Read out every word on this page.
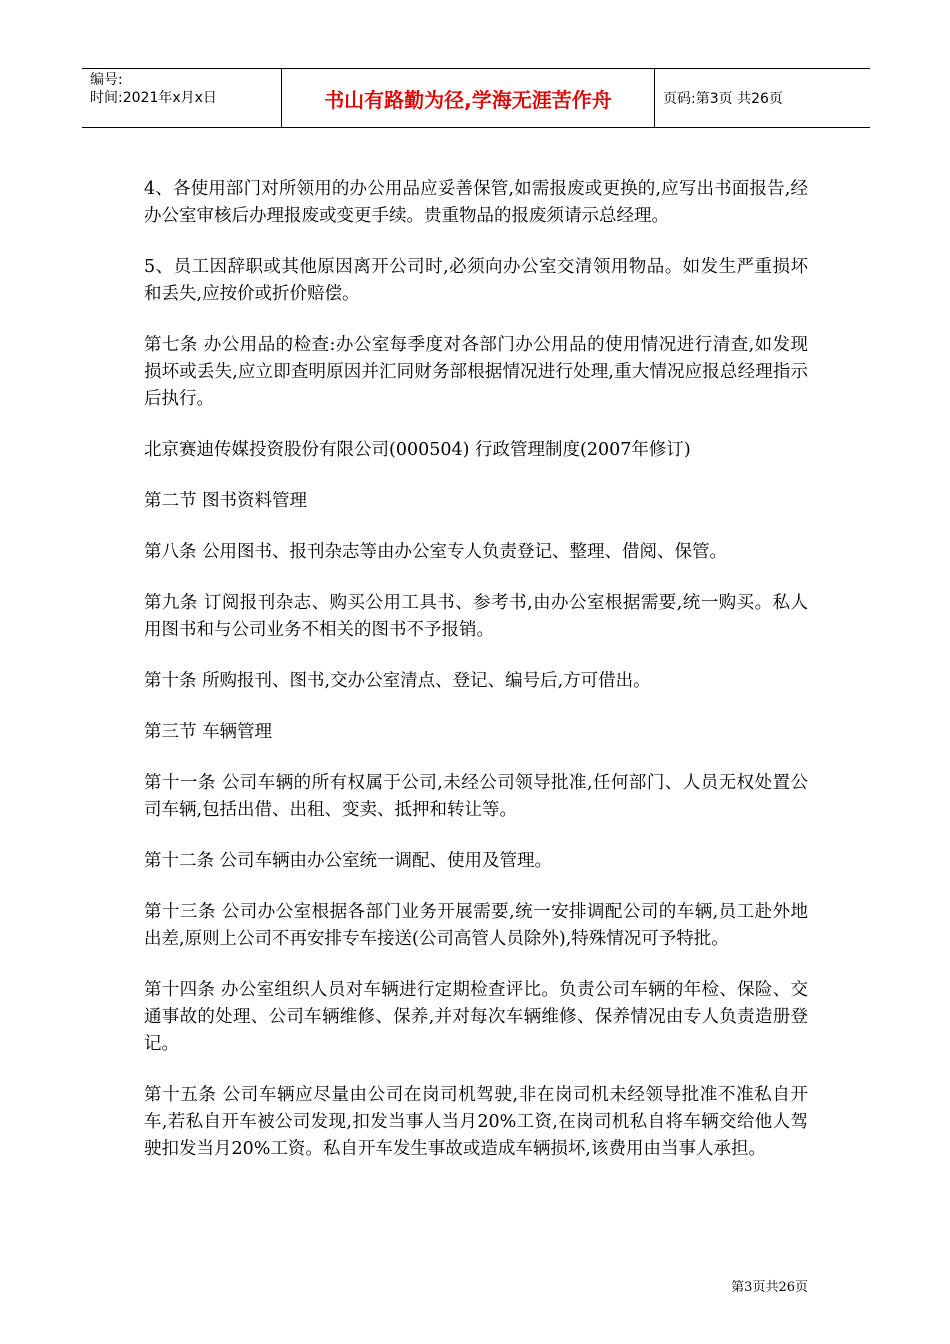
编号:
时间:2021年x月x日	书山有路勤为径,学海无涯苦作舟	页码:第3页 共26页

4、各使用部门对所领用的办公用品应妥善保管,如需报废或更换的,应写出书面报告,经办公室审核后办理报废或变更手续。贵重物品的报废须请示总经理。

5、员工因辞职或其他原因离开公司时,必须向办公室交清领用物品。如发生严重损坏和丢失,应按价或折价赔偿。

第七条 办公用品的检查:办公室每季度对各部门办公用品的使用情况进行清查,如发现损坏或丢失,应立即查明原因并汇同财务部根据情况进行处理,重大情况应报总经理指示后执行。

北京赛迪传媒投资股份有限公司(000504) 行政管理制度(2007年修订)

第二节 图书资料管理

第八条 公用图书、报刊杂志等由办公室专人负责登记、整理、借阅、保管。

第九条 订阅报刊杂志、购买公用工具书、参考书,由办公室根据需要,统一购买。私人用图书和与公司业务不相关的图书不予报销。

第十条 所购报刊、图书,交办公室清点、登记、编号后,方可借出。

第三节 车辆管理

第十一条 公司车辆的所有权属于公司,未经公司领导批准,任何部门、人员无权处置公司车辆,包括出借、出租、变卖、抵押和转让等。

第十二条 公司车辆由办公室统一调配、使用及管理。

第十三条 公司办公室根据各部门业务开展需要,统一安排调配公司的车辆,员工赴外地出差,原则上公司不再安排专车接送(公司高管人员除外),特殊情况可予特批。

第十四条 办公室组织人员对车辆进行定期检查评比。负责公司车辆的年检、保险、交通事故的处理、公司车辆维修、保养,并对每次车辆维修、保养情况由专人负责造册登记。

第十五条 公司车辆应尽量由公司在岗司机驾驶,非在岗司机未经领导批准不准私自开车,若私自开车被公司发现,扣发当事人当月20%工资,在岗司机私自将车辆交给他人驾驶扣发当月20%工资。私自开车发生事故或造成车辆损坏,该费用由当事人承担。

第3页共26页
